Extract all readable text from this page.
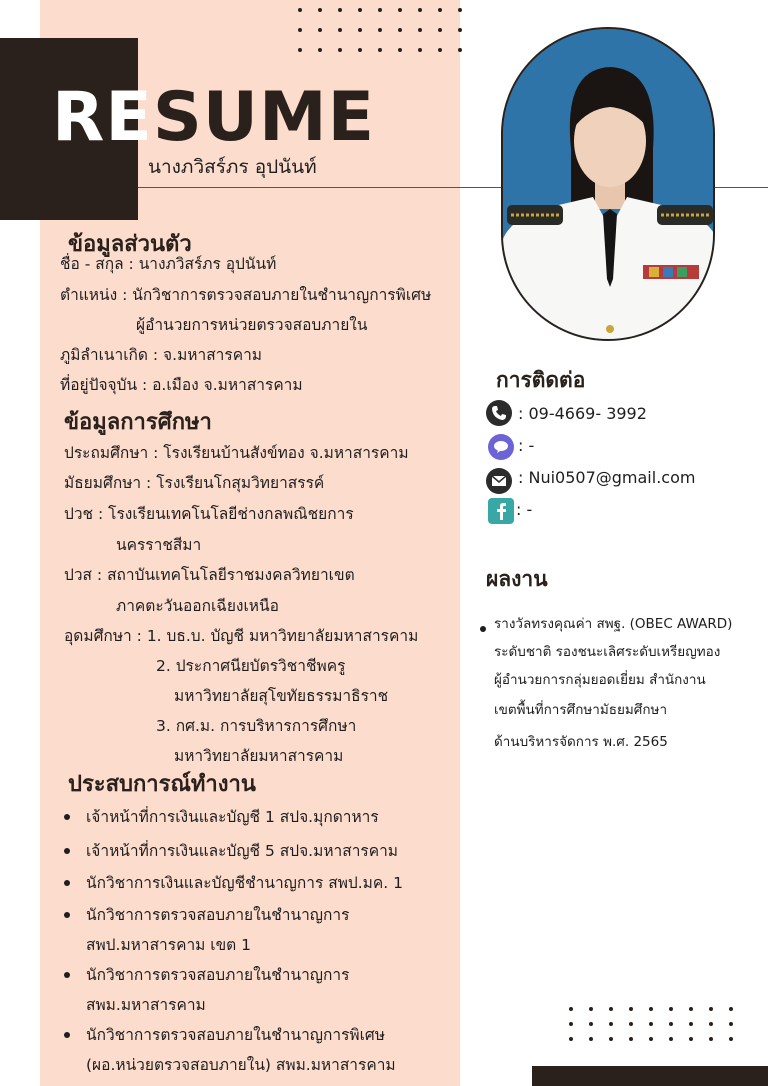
RESUME
นางภวิสร์ภร อุปนันท์
ข้อมูลส่วนตัว
ชื่อ - สกุล : นางภวิสร์ภร อุปนันท์
ตำแหน่ง : นักวิชาการตรวจสอบภายในชำนาญการพิเศษ
ผู้อำนวยการหน่วยตรวจสอบภายใน
ภูมิลำเนาเกิด : จ.มหาสารคาม
ที่อยู่ปัจจุบัน : อ.เมือง จ.มหาสารคาม
ข้อมูลการศึกษา
ประถมศึกษา : โรงเรียนบ้านสังข์ทอง จ.มหาสารคาม
มัธยมศึกษา : โรงเรียนโกสุมวิทยาสรรค์
ปวช : โรงเรียนเทคโนโลยีช่างกลพณิชยการ
นครราชสีมา
ปวส : สถาบันเทคโนโลยีราชมงคลวิทยาเขต
ภาคตะวันออกเฉียงเหนือ
อุดมศึกษา : 1. บธ.บ. บัญชี มหาวิทยาลัยมหาสารคาม
2. ประกาศนียบัตรวิชาชีพครู
มหาวิทยาลัยสุโขทัยธรรมาธิราช
3. กศ.ม. การบริหารการศึกษา
มหาวิทยาลัยมหาสารคาม
ประสบการณ์ทำงาน
เจ้าหน้าที่การเงินและบัญชี 1 สปจ.มุกดาหาร
เจ้าหน้าที่การเงินและบัญชี 5 สปจ.มหาสารคาม
นักวิชาการเงินและบัญชีชำนาญการ สพป.มค. 1
นักวิชาการตรวจสอบภายในชำนาญการ
สพป.มหาสารคาม เขต 1
นักวิชาการตรวจสอบภายในชำนาญการ
สพม.มหาสารคาม
นักวิชาการตรวจสอบภายในชำนาญการพิเศษ
(ผอ.หน่วยตรวจสอบภายใน) สพม.มหาสารคาม
การติดต่อ
: 09-4669- 3992
: -
: Nui0507@gmail.com
: -
ผลงาน
รางวัลทรงคุณค่า สพฐ. (OBEC AWARD)
ระดับชาติ รองชนะเลิศระดับเหรียญทอง
ผู้อำนวยการกลุ่มยอดเยี่ยม สำนักงาน
เขตพื้นที่การศึกษามัธยมศึกษา
ด้านบริหารจัดการ พ.ศ. 2565
